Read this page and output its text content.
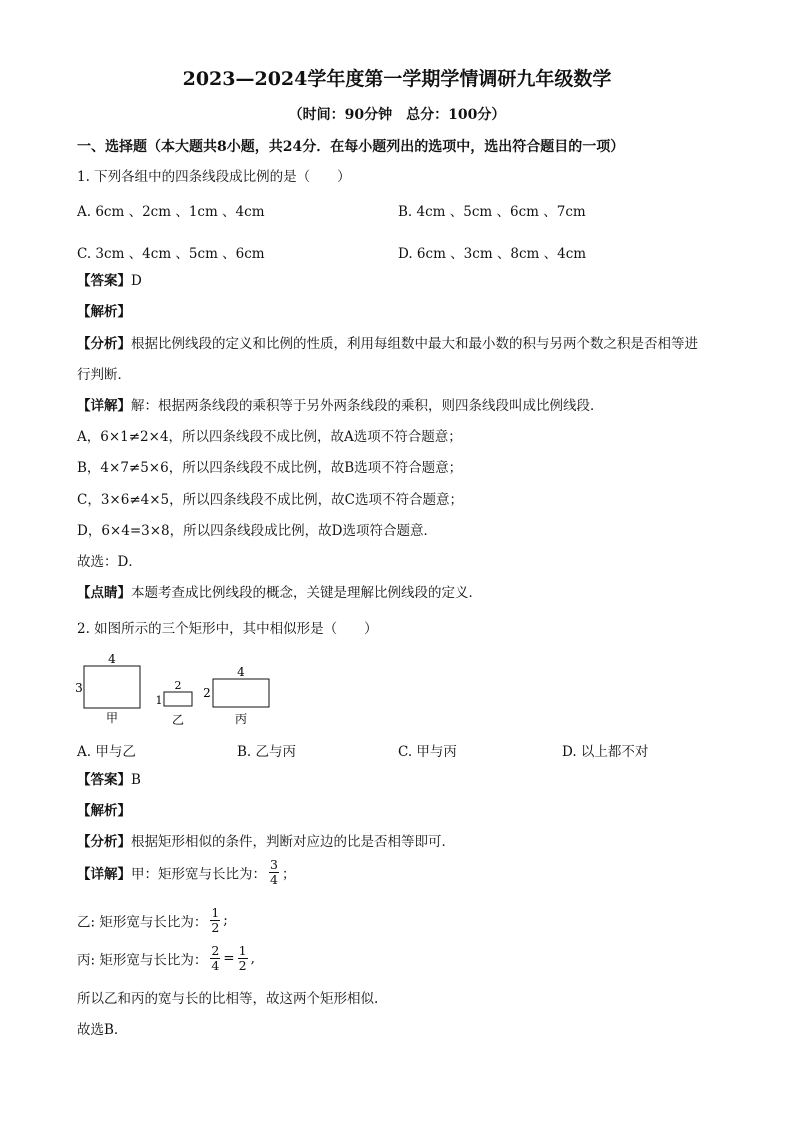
2023—2024学年度第一学期学情调研九年级数学
（时间：90分钟　总分：100分）
一、选择题（本大题共8小题，共24分．在每小题列出的选项中，选出符合题目的一项）
1. 下列各组中的四条线段成比例的是（　　）
A. 6cm 、2cm 、1cm 、4cm	B. 4cm 、5cm 、6cm 、7cm
C. 3cm 、4cm 、5cm 、6cm	D. 6cm 、3cm 、8cm 、4cm
【答案】D
【解析】
【分析】根据比例线段的定义和比例的性质，利用每组数中最大和最小数的积与另两个数之积是否相等进
行判断．
【详解】解：根据两条线段的乘积等于另外两条线段的乘积，则四条线段叫成比例线段．
A，6×1≠2×4，所以四条线段不成比例，故A选项不符合题意；
B，4×7≠5×6，所以四条线段不成比例，故B选项不符合题意；
C，3×6≠4×5，所以四条线段不成比例，故C选项不符合题意；
D，6×4=3×8，所以四条线段成比例，故D选项符合题意．
故选：D．
【点睛】本题考查成比例线段的概念，关键是理解比例线段的定义．
2. 如图所示的三个矩形中，其中相似形是（　　）
4
3
甲
2
1
乙
4
2
丙
A. 甲与乙	B. 乙与丙	C. 甲与丙	D. 以上都不对
【答案】B
【解析】
【分析】根据矩形相似的条件，判断对应边的比是否相等即可．
【详解】甲：矩形宽与长比为： $\frac{3}{4}$ ；
乙: 矩形宽与长比为： $\frac{1}{2}$ ;
丙: 矩形宽与长比为： $\frac{2}{4} = \frac{1}{2}$ ,
所以乙和丙的宽与长的比相等，故这两个矩形相似.
故选B.
